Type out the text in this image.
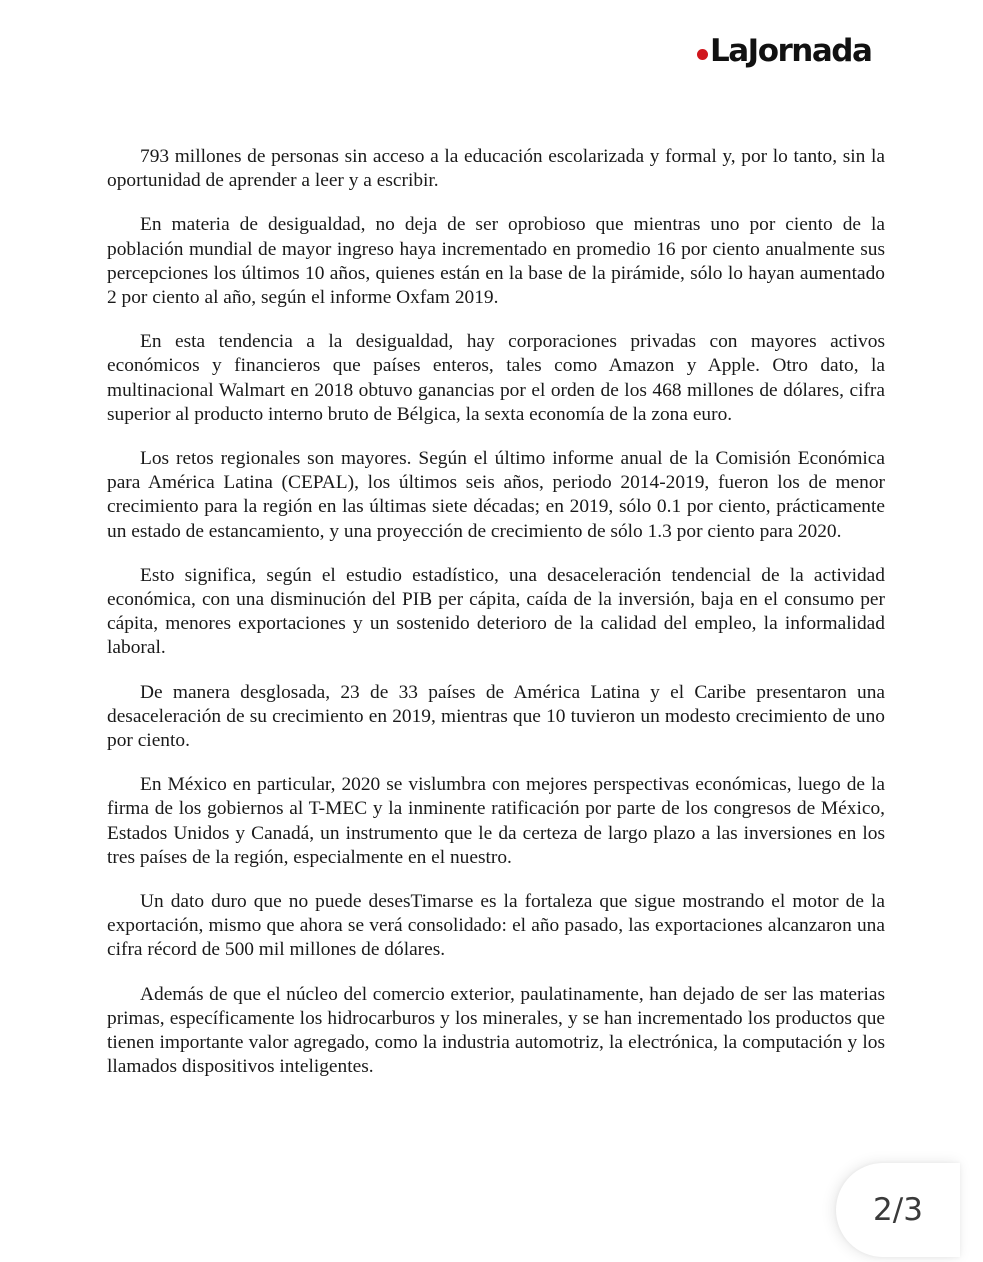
LaJornada

793 millones de personas sin acceso a la educación escolarizada y formal y, por lo tanto, sin la oportunidad de aprender a leer y a escribir.

En materia de desigualdad, no deja de ser oprobioso que mientras uno por ciento de la población mundial de mayor ingreso haya incrementado en promedio 16 por ciento anualmente sus percepciones los últimos 10 años, quienes están en la base de la pirámide, sólo lo hayan aumentado 2 por ciento al año, según el informe Oxfam 2019.

En esta tendencia a la desigualdad, hay corporaciones privadas con mayores activos económicos y financieros que países enteros, tales como Amazon y Apple. Otro dato, la multinacional Walmart en 2018 obtuvo ganancias por el orden de los 468 millones de dólares, cifra superior al producto interno bruto de Bélgica, la sexta economía de la zona euro.

Los retos regionales son mayores. Según el último informe anual de la Comisión Económica para América Latina (CEPAL), los últimos seis años, periodo 2014-2019, fueron los de menor crecimiento para la región en las últimas siete décadas; en 2019, sólo 0.1 por ciento, prácticamente un estado de estancamiento, y una proyección de crecimiento de sólo 1.3 por ciento para 2020.

Esto significa, según el estudio estadístico, una desaceleración tendencial de la actividad económica, con una disminución del PIB per cápita, caída de la inversión, baja en el consumo per cápita, menores exportaciones y un sostenido deterioro de la calidad del empleo, la informalidad laboral.

De manera desglosada, 23 de 33 países de América Latina y el Caribe presentaron una desaceleración de su crecimiento en 2019, mientras que 10 tuvieron un modesto crecimiento de uno por ciento.

En México en particular, 2020 se vislumbra con mejores perspectivas económicas, luego de la firma de los gobiernos al T-MEC y la inminente ratificación por parte de los congresos de México, Estados Unidos y Canadá, un instrumento que le da certeza de largo plazo a las inversiones en los tres países de la región, especialmente en el nuestro.

Un dato duro que no puede desesTimarse es la fortaleza que sigue mostrando el motor de la exportación, mismo que ahora se verá consolidado: el año pasado, las exportaciones alcanzaron una cifra récord de 500 mil millones de dólares.

Además de que el núcleo del comercio exterior, paulatinamente, han dejado de ser las materias primas, específicamente los hidrocarburos y los minerales, y se han incrementado los productos que tienen importante valor agregado, como la industria automotriz, la electrónica, la computación y los llamados dispositivos inteligentes.

2/3
